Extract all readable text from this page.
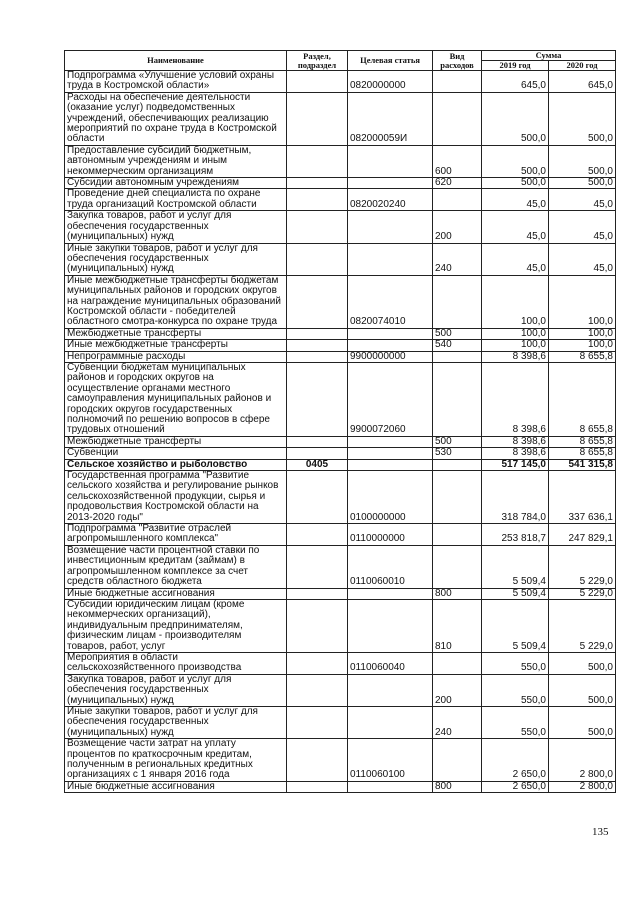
Наименование	Раздел, подраздел	Целевая статья	Вид расходов	Сумма	
				2019 год	2020 год
Подпрограмма «Улучшение условий охраны труда в Костромской области»		0820000000		645,0	645,0
Расходы на обеспечение деятельности (оказание услуг) подведомственных учреждений, обеспечивающих реализацию мероприятий по охране труда в Костромской области		082000059И		500,0	500,0
Предоставление субсидий бюджетным, автономным учреждениям и иным некоммерческим организациям			600	500,0	500,0
Субсидии автономным учреждениям			620	500,0	500,0
Проведение дней специалиста по охране труда организаций Костромской области		0820020240		45,0	45,0
Закупка товаров, работ и услуг для обеспечения государственных (муниципальных) нужд			200	45,0	45,0
Иные закупки товаров, работ и услуг для обеспечения государственных (муниципальных) нужд			240	45,0	45,0
Иные межбюджетные трансферты бюджетам муниципальных районов и городских округов на награждение муниципальных образований Костромской области - победителей областного смотра-конкурса по охране труда		0820074010		100,0	100,0
Межбюджетные трансферты			500	100,0	100,0
Иные межбюджетные трансферты			540	100,0	100,0
Непрограммные расходы		9900000000		8 398,6	8 655,8
Субвенции бюджетам муниципальных районов и городских округов на осуществление органами местного самоуправления муниципальных районов и городских округов государственных полномочий по решению вопросов в сфере трудовых отношений		9900072060		8 398,6	8 655,8
Межбюджетные трансферты			500	8 398,6	8 655,8
Субвенции			530	8 398,6	8 655,8
Сельское хозяйство и рыболовство	0405			517 145,0	541 315,8
Государственная программа "Развитие сельского хозяйства и регулирование рынков сельскохозяйственной продукции, сырья и продовольствия Костромской области на 2013-2020 годы"		0100000000		318 784,0	337 636,1
Подпрограмма "Развитие отраслей агропромышленного комплекса"		0110000000		253 818,7	247 829,1
Возмещение части процентной ставки по инвестиционным кредитам (займам) в агропромышленном комплексе за счет средств областного бюджета		0110060010		5 509,4	5 229,0
Иные бюджетные ассигнования			800	5 509,4	5 229,0
Субсидии юридическим лицам (кроме некоммерческих организаций), индивидуальным предпринимателям, физическим лицам - производителям товаров, работ, услуг			810	5 509,4	5 229,0
Мероприятия в области сельскохозяйственного производства		0110060040		550,0	500,0
Закупка товаров, работ и услуг для обеспечения государственных (муниципальных) нужд			200	550,0	500,0
Иные закупки товаров, работ и услуг для обеспечения государственных (муниципальных) нужд			240	550,0	500,0
Возмещение части затрат на уплату процентов по краткосрочным кредитам, полученным в региональных кредитных организациях с 1 января 2016 года		0110060100		2 650,0	2 800,0
Иные бюджетные ассигнования			800	2 650,0	2 800,0
135
